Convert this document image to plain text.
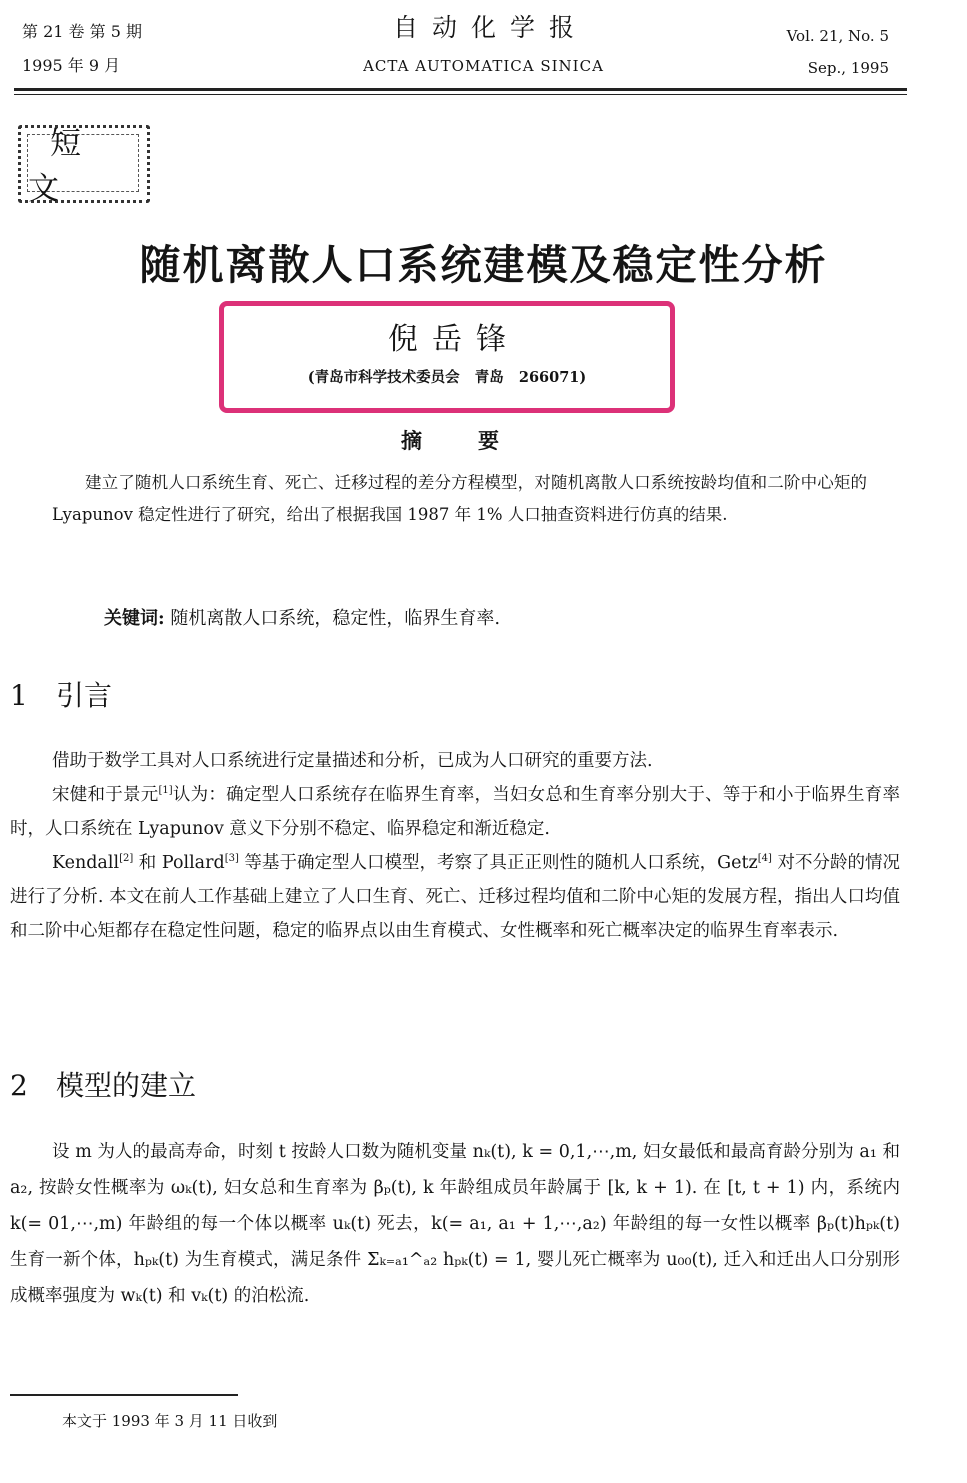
第 21 卷 第 5 期
1995 年 9 月
自动化学报
ACTA AUTOMATICA SINICA
Vol. 21, No. 5
Sep., 1995
短文
随机离散人口系统建模及稳定性分析
倪岳锋
(青岛市科学技术委员会   青岛   266071)
摘要
建立了随机人口系统生育、死亡、迁移过程的差分方程模型，对随机离散人口系统按龄均值和二阶中心矩的 Lyapunov 稳定性进行了研究，给出了根据我国 1987 年 1% 人口抽查资料进行仿真的结果.
关键词: 随机离散人口系统，稳定性，临界生育率.
1 引言

借助于数学工具对人口系统进行定量描述和分析，已成为人口研究的重要方法.

宋健和于景元[1]认为：确定型人口系统存在临界生育率，当妇女总和生育率分别大于、等于和小于临界生育率时，人口系统在 Lyapunov 意义下分别不稳定、临界稳定和渐近稳定.

Kendall[2] 和 Pollard[3] 等基于确定型人口模型，考察了具正正则性的随机人口系统，Getz[4] 对不分龄的情况进行了分析. 本文在前人工作基础上建立了人口生育、死亡、迁移过程均值和二阶中心矩的发展方程，指出人口均值和二阶中心矩都存在稳定性问题，稳定的临界点以由生育模式、女性概率和死亡概率决定的临界生育率表示.

2 模型的建立

设 m 为人的最高寿命，时刻 t 按龄人口数为随机变量 nₖ(t), k = 0,1,⋯,m, 妇女最低和最高育龄分别为 a₁ 和 a₂, 按龄女性概率为 ωₖ(t), 妇女总和生育率为 βₚ(t), k 年龄组成员年龄属于 [k, k + 1). 在 [t, t + 1) 内，系统内 k(= 01,⋯,m) 年龄组的每一个体以概率 uₖ(t) 死去，k(= a₁, a₁ + 1,⋯,a₂) 年龄组的每一女性以概率 βₚ(t)hₚₖ(t) 生育一新个体，hₚₖ(t) 为生育模式，满足条件 Σₖ₌ₐ₁^ₐ₂ hₚₖ(t) = 1, 婴儿死亡概率为 u₀₀(t), 迁入和迁出人口分别形成概率强度为 wₖ(t) 和 vₖ(t) 的泊松流.

本文于 1993 年 3 月 11 日收到
